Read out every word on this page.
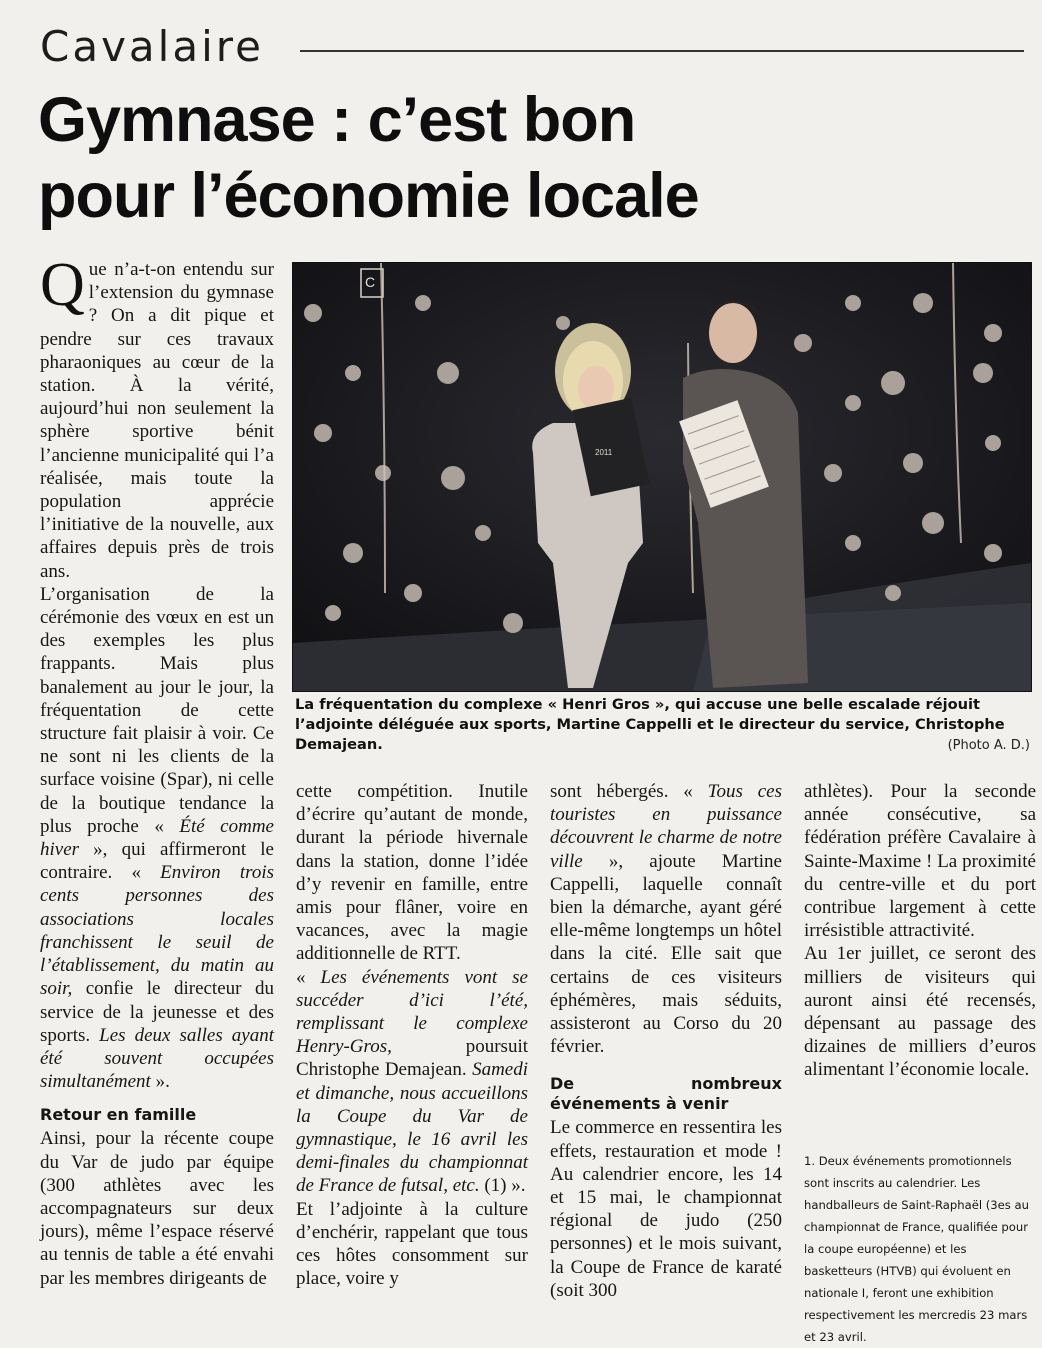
Cavalaire
Gymnase : c’est bon
pour l’économie locale

Que n’a-t-on entendu sur l’extension du gymnase ? On a dit pique et pendre sur ces travaux pharaoniques au cœur de la station. À la vérité, aujourd’hui non seulement la sphère sportive bénit l’ancienne municipalité qui l’a réalisée, mais toute la population apprécie l’initiative de la nouvelle, aux affaires depuis près de trois ans.

L’organisation de la cérémonie des vœux en est un des exemples les plus frappants. Mais plus banalement au jour le jour, la fréquentation de cette structure fait plaisir à voir. Ce ne sont ni les clients de la surface voisine (Spar), ni celle de la boutique tendance la plus proche « Été comme hiver », qui affirmeront le contraire. « Environ trois cents personnes des associations locales franchissent le seuil de l’établissement, du matin au soir, confie le directeur du service de la jeunesse et des sports. Les deux salles ayant été souvent occupées simultanément ».

Retour en famille

Ainsi, pour la récente coupe du Var de judo par équipe (300 athlètes avec les accompagnateurs sur deux jours), même l’espace réservé au tennis de table a été envahi par les membres dirigeants de

C
2011
La fréquentation du complexe « Henri Gros », qui accuse une belle escalade réjouit l’adjointe déléguée aux sports, Martine Cappelli et le directeur du service, Christophe Demajean.	(Photo A. D.)

cette compétition. Inutile d’écrire qu’autant de monde, durant la période hivernale dans la station, donne l’idée d’y revenir en famille, entre amis pour flâner, voire en vacances, avec la magie additionnelle de RTT.

« Les événements vont se succéder d’ici l’été, remplissant le complexe Henry-Gros, poursuit Christophe Demajean. Samedi et dimanche, nous accueillons la Coupe du Var de gymnastique, le 16 avril les demi-finales du championnat de France de futsal, etc. (1) ».

Et l’adjointe à la culture d’enchérir, rappelant que tous ces hôtes consomment sur place, voire y

sont hébergés. « Tous ces touristes en puissance découvrent le charme de notre ville », ajoute Martine Cappelli, laquelle connaît bien la démarche, ayant géré elle-même longtemps un hôtel dans la cité. Elle sait que certains de ces visiteurs éphémères, mais séduits, assisteront au Corso du 20 février.

De nombreux événements à venir

Le commerce en ressentira les effets, restauration et mode ! Au calendrier encore, les 14 et 15 mai, le championnat régional de judo (250 personnes) et le mois suivant, la Coupe de France de karaté (soit 300

athlètes). Pour la seconde année consécutive, sa fédération préfère Cavalaire à Sainte-Maxime ! La proximité du centre-ville et du port contribue largement à cette irrésistible attractivité.

Au 1er juillet, ce seront des milliers de visiteurs qui auront ainsi été recensés, dépensant au passage des dizaines de milliers d’euros alimentant l’économie locale.

1. Deux événements promotionnels sont inscrits au calendrier. Les handballeurs de Saint-Raphaël (3es au championnat de France, qualifiée pour la coupe européenne) et les basketteurs (HTVB) qui évoluent en nationale I, feront une exhibition respectivement les mercredis 23 mars et 23 avril.
